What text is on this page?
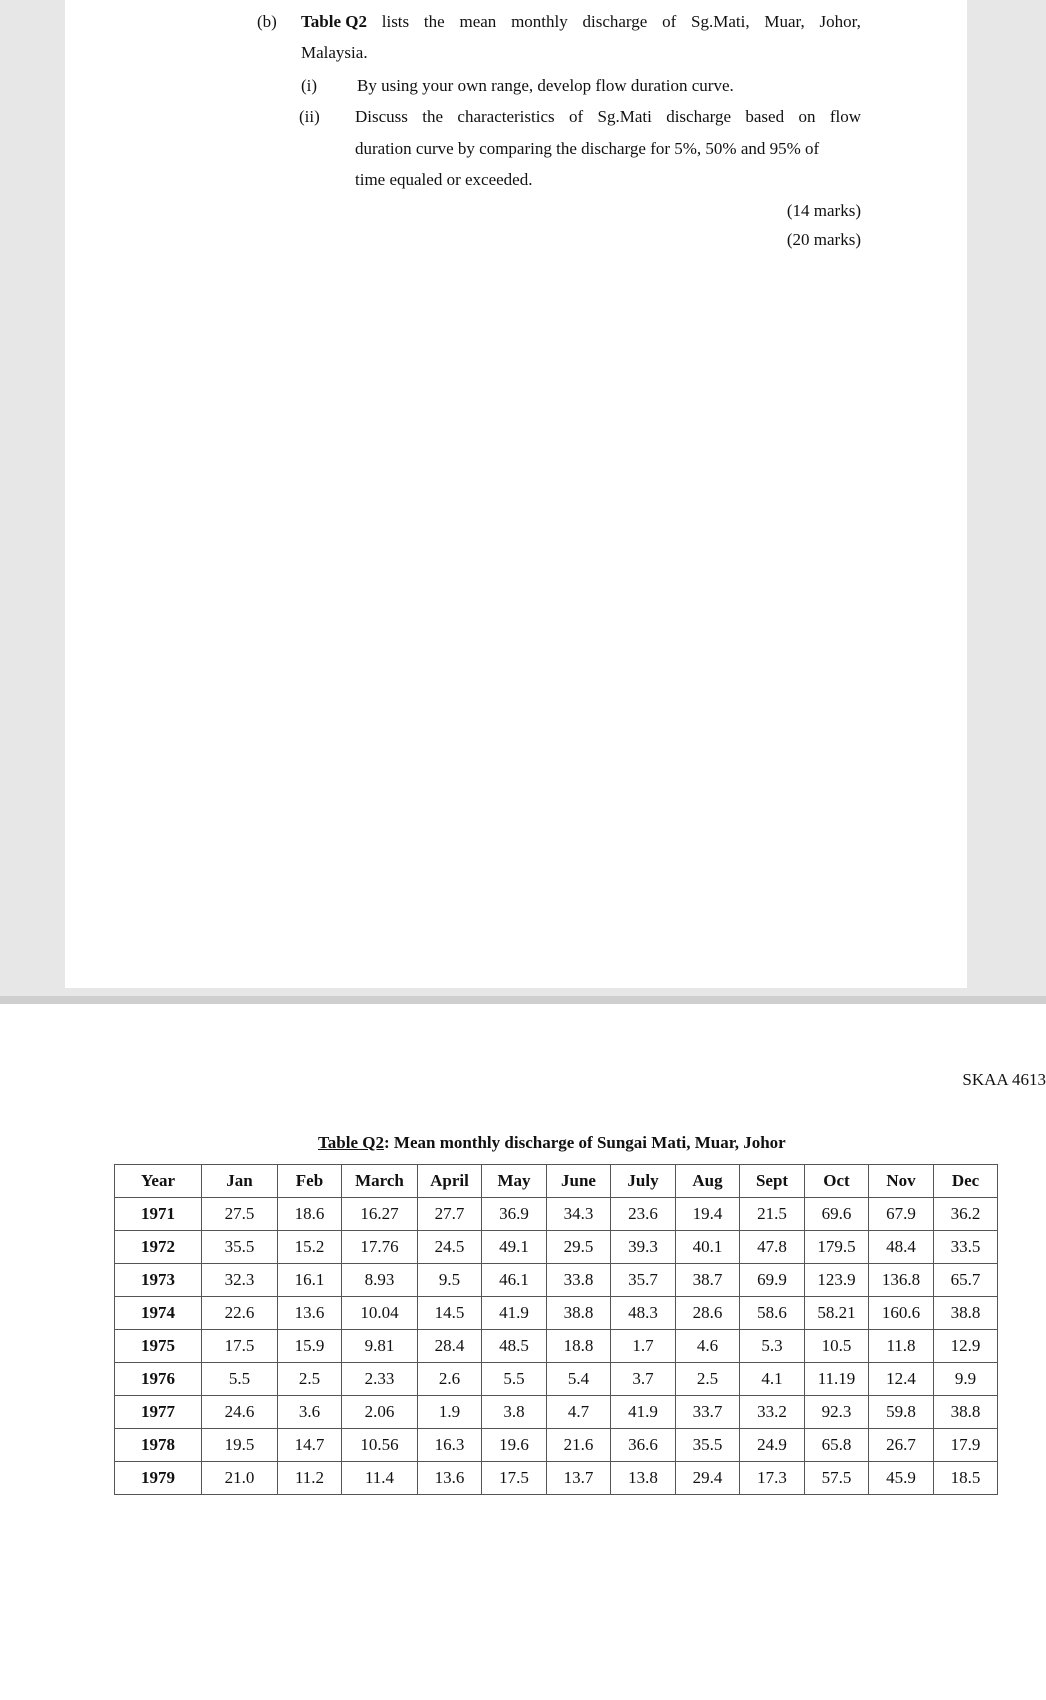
(b) Table Q2 lists the mean monthly discharge of Sg.Mati, Muar, Johor,
Malaysia.
(i) By using your own range, develop flow duration curve.
(ii) Discuss the characteristics of Sg.Mati discharge based on flow
duration curve by comparing the discharge for 5%, 50% and 95% of
time equaled or exceeded.
(14 marks)
(20 marks)
SKAA 4613
Table Q2: Mean monthly discharge of Sungai Mati, Muar, Johor
Year	Jan	Feb	March	April	May	June	July	Aug	Sept	Oct	Nov	Dec
1971	27.5	18.6	16.27	27.7	36.9	34.3	23.6	19.4	21.5	69.6	67.9	36.2
1972	35.5	15.2	17.76	24.5	49.1	29.5	39.3	40.1	47.8	179.5	48.4	33.5
1973	32.3	16.1	8.93	9.5	46.1	33.8	35.7	38.7	69.9	123.9	136.8	65.7
1974	22.6	13.6	10.04	14.5	41.9	38.8	48.3	28.6	58.6	58.21	160.6	38.8
1975	17.5	15.9	9.81	28.4	48.5	18.8	1.7	4.6	5.3	10.5	11.8	12.9
1976	5.5	2.5	2.33	2.6	5.5	5.4	3.7	2.5	4.1	11.19	12.4	9.9
1977	24.6	3.6	2.06	1.9	3.8	4.7	41.9	33.7	33.2	92.3	59.8	38.8
1978	19.5	14.7	10.56	16.3	19.6	21.6	36.6	35.5	24.9	65.8	26.7	17.9
1979	21.0	11.2	11.4	13.6	17.5	13.7	13.8	29.4	17.3	57.5	45.9	18.5
